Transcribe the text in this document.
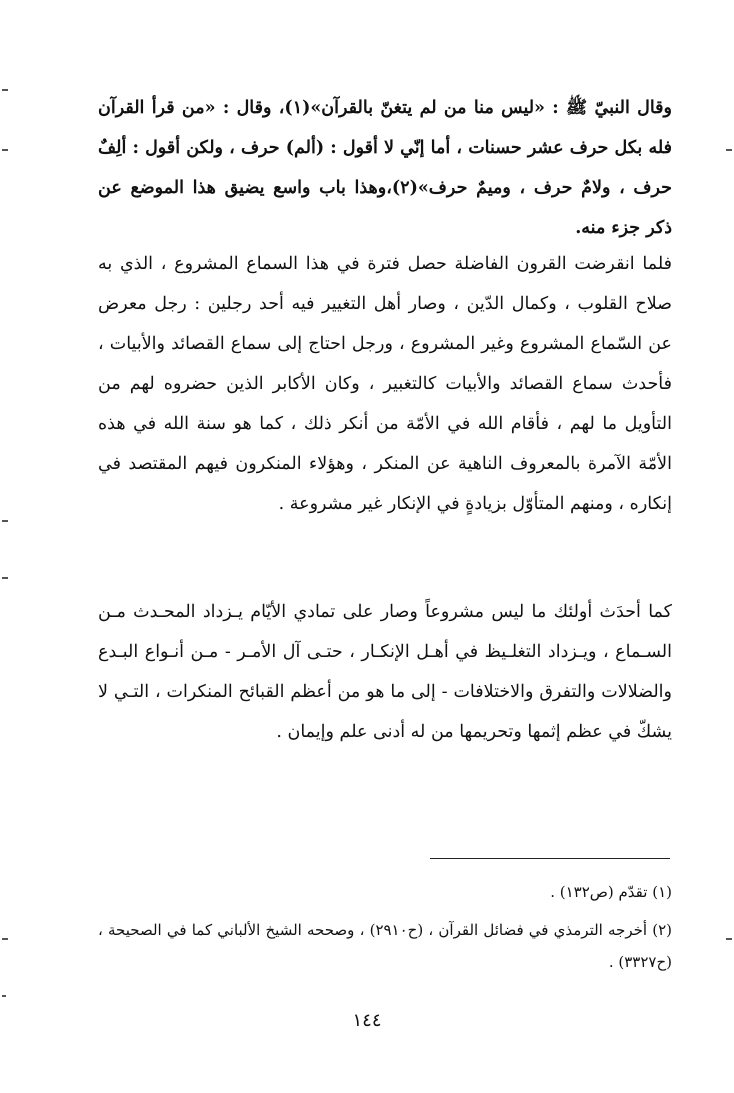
وقال النبيّ ﷺ : «ليس منا من لم يتغنّ بالقرآن»(١)، وقال : «من قرأ القرآن فله بكل حرف عشر حسنات ، أما إنّي لا أقول : (ألم) حرف ، ولكن أقول : ألِفٌ حرف ، ولامٌ حرف ، وميمٌ حرف»(٢)،وهذا باب واسع يضيق هذا الموضع عن ذكر جزء منه.

فلما انقرضت القرون الفاضلة حصل فترة في هذا السماع المشروع ، الذي به صلاح القلوب ، وكمال الدّين ، وصار أهل التغيير فيه أحد رجلين : رجل معرض عن السّماع المشروع وغير المشروع ، ورجل احتاج إلى سماع القصائد والأبيات ، فأحدث سماع القصائد والأبيات كالتغبير ، وكان الأكابر الذين حضروه لهم من التأويل ما لهم ، فأقام الله في الأمّة من أنكر ذلك ، كما هو سنة الله في هذه الأمّة الآمرة بالمعروف الناهية عن المنكر ، وهؤلاء المنكرون فيهم المقتصد في إنكاره ، ومنهم المتأوّل بزيادةٍ في الإنكار غير مشروعة .

كما أحدَث أولئك ما ليس مشروعاً وصار على تمادي الأيّام يـزداد المحـدث مـن السـماع ، ويـزداد التغلـيظ في أهـل الإنكـار ، حتـى آل الأمـر - مـن أنـواع البـدع والضلالات والتفرق والاختلافات - إلى ما هو من أعظم القبائح المنكرات ، التـي لا يشكّ في عظم إثمها وتحريمها من له أدنى علم وإيمان .

(١) تقدّم (ص١٣٢) .
(٢) أخرجه الترمذي في فضائل القرآن ، (ح٢٩١٠) ، وصححه الشيخ الألباني كما في الصحيحة ، (ح٣٣٢٧) .
١٤٤
